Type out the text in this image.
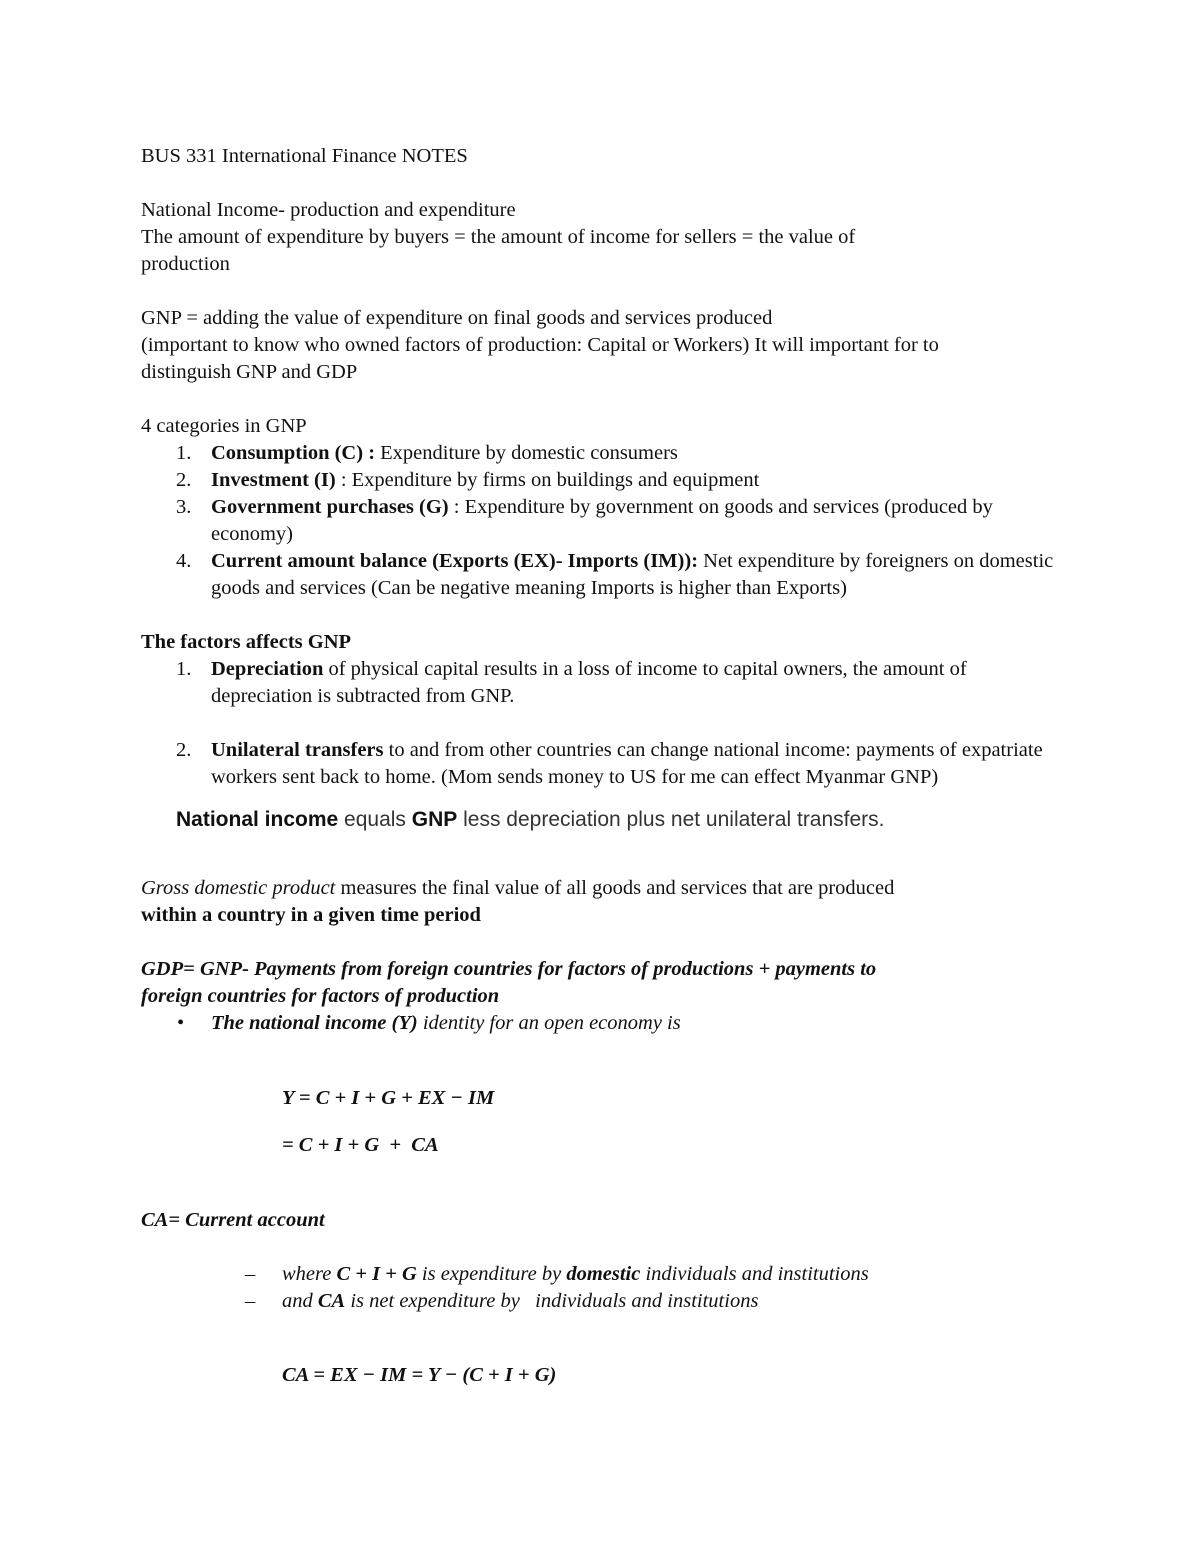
BUS 331 International Finance NOTES

National Income- production and expenditure

The amount of expenditure by buyers = the amount of income for sellers = the value of

production

GNP = adding the value of expenditure on final goods and services produced

(important to know who owned factors of production: Capital or Workers) It will important for to

distinguish GNP and GDP

4 categories in GNP

1. Consumption (C) : Expenditure by domestic consumers
2. Investment (I) : Expenditure by firms on buildings and equipment
3. Government purchases (G) : Expenditure by government on goods and services (produced by economy)
4. Current amount balance (Exports (EX)- Imports (IM)): Net expenditure by foreigners on domestic goods and services (Can be negative meaning Imports is higher than Exports)

The factors affects GNP

1. Depreciation of physical capital results in a loss of income to capital owners, the amount of depreciation is subtracted from GNP.
2. Unilateral transfers to and from other countries can change national income: payments of expatriate workers sent back to home. (Mom sends money to US for me can effect Myanmar GNP)

National income equals GNP less depreciation plus net unilateral transfers.

Gross domestic product measures the final value of all goods and services that are produced

within a country in a given time period

GDP= GNP- Payments from foreign countries for factors of productions + payments to

foreign countries for factors of production

• The national income (Y) identity for an open economy is

Y = C + I + G + EX − IM

= C + I + G  +  CA

CA= Current account

– where C + I + G is expenditure by domestic individuals and institutions
– and CA is net expenditure by   individuals and institutions

CA = EX − IM = Y − (C + I + G)
